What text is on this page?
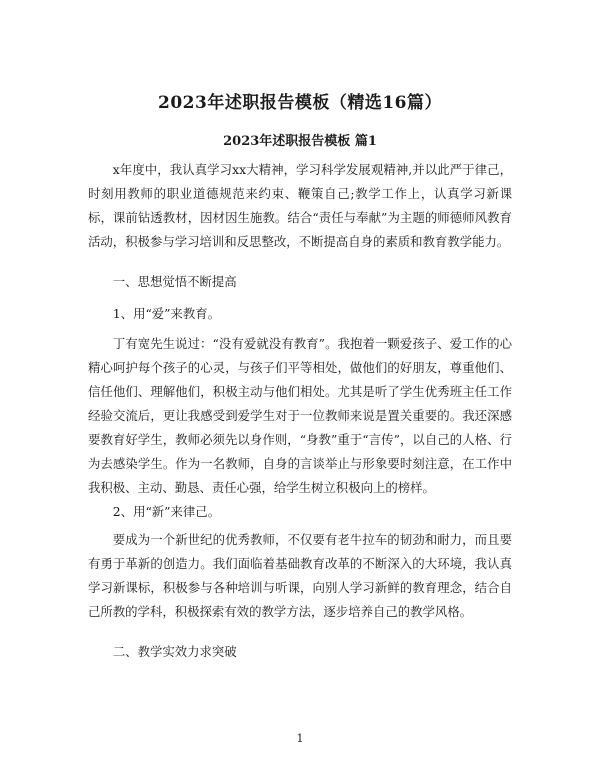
2023年述职报告模板（精选16篇）
2023年述职报告模板 篇1

x年度中，我认真学习xx大精神，学习科学发展观精神,并以此严于律己，时刻用教师的职业道德规范来约束、鞭策自己;教学工作上，认真学习新课标，课前钻透教材，因材因生施教。结合“责任与奉献”为主题的师德师风教育活动，积极参与学习培训和反思整改，不断提高自身的素质和教育教学能力。

一、思想觉悟不断提高

1、用“爱”来教育。

丁有宽先生说过：“没有爱就没有教育”。我抱着一颗爱孩子、爱工作的心精心呵护每个孩子的心灵，与孩子们平等相处，做他们的好朋友，尊重他们、信任他们、理解他们，积极主动与他们相处。尤其是听了学生优秀班主任工作经验交流后，更让我感受到爱学生对于一位教师来说是置关重要的。我还深感要教育好学生，教师必须先以身作则，“身教”重于“言传”，以自己的人格、行为去感染学生。作为一名教师，自身的言谈举止与形象要时刻注意，在工作中我积极、主动、勤恳、责任心强，给学生树立积极向上的榜样。

2、用“新”来律己。

要成为一个新世纪的优秀教师，不仅要有老牛拉车的韧劲和耐力，而且要有勇于革新的创造力。我们面临着基础教育改革的不断深入的大环境，我认真学习新课标，积极参与各种培训与听课，向别人学习新鲜的教育理念，结合自己所教的学科，积极探索有效的教学方法，逐步培养自己的教学风格。

二、教学实效力求突破

1
